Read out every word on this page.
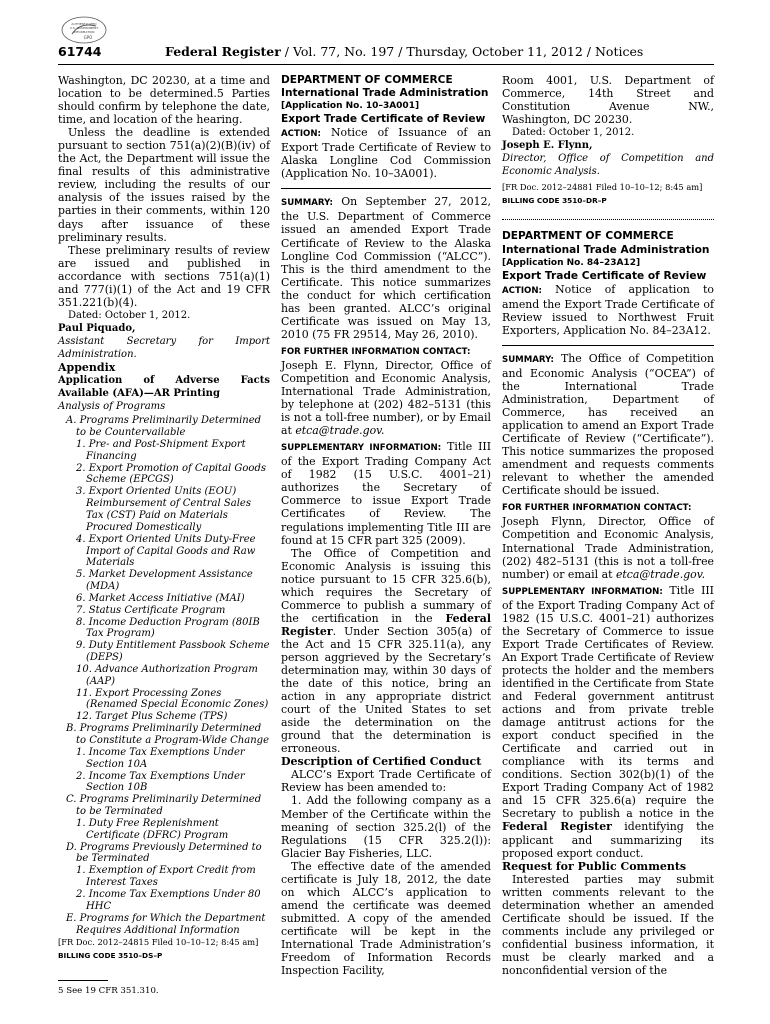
AUTHENTICATED
U.S. GOVERNMENT
INFORMATION
GPO
61744	Federal Register / Vol. 77, No. 197 / Thursday, October 11, 2012 / Notices

Washington, DC 20230, at a time and location to be determined.5 Parties should confirm by telephone the date, time, and location of the hearing.

Unless the deadline is extended pursuant to section 751(a)(2)(B)(iv) of the Act, the Department will issue the final results of this administrative review, including the results of our analysis of the issues raised by the parties in their comments, within 120 days after issuance of these preliminary results.

These preliminary results of review are issued and published in accordance with sections 751(a)(1) and 777(i)(1) of the Act and 19 CFR 351.221(b)(4).

Dated: October 1, 2012.

Paul Piquado,

Assistant Secretary for Import Administration.

Appendix

Application of Adverse Facts Available (AFA)—AR Printing

Analysis of Programs

A. Programs Preliminarily Determined to be Countervailable
1. Pre- and Post-Shipment Export Financing
2. Export Promotion of Capital Goods Scheme (EPCGS)
3. Export Oriented Units (EOU) Reimbursement of Central Sales Tax (CST) Paid on Materials Procured Domestically
4. Export Oriented Units Duty-Free Import of Capital Goods and Raw Materials
5. Market Development Assistance (MDA)
6. Market Access Initiative (MAI)
7. Status Certificate Program
8. Income Deduction Program (80IB Tax Program)
9. Duty Entitlement Passbook Scheme (DEPS)
10. Advance Authorization Program (AAP)
11. Export Processing Zones (Renamed Special Economic Zones)
12. Target Plus Scheme (TPS)
B. Programs Preliminarily Determined to Constitute a Program-Wide Change
1. Income Tax Exemptions Under Section 10A
2. Income Tax Exemptions Under Section 10B
C. Programs Preliminarily Determined to be Terminated
1. Duty Free Replenishment Certificate (DFRC) Program
D. Programs Previously Determined to be Terminated
1. Exemption of Export Credit from Interest Taxes
2. Income Tax Exemptions Under 80 HHC
E. Programs for Which the Department Requires Additional Information

[FR Doc. 2012–24815 Filed 10–10–12; 8:45 am]

BILLING CODE 3510–DS–P

5 See 19 CFR 351.310.

DEPARTMENT OF COMMERCE

International Trade Administration

[Application No. 10–3A001]

Export Trade Certificate of Review

ACTION: Notice of Issuance of an Export Trade Certificate of Review to Alaska Longline Cod Commission (Application No. 10–3A001).

SUMMARY: On September 27, 2012, the U.S. Department of Commerce issued an amended Export Trade Certificate of Review to the Alaska Longline Cod Commission (“ALCC”). This is the third amendment to the Certificate. This notice summarizes the conduct for which certification has been granted. ALCC’s original Certificate was issued on May 13, 2010 (75 FR 29514, May 26, 2010).

FOR FURTHER INFORMATION CONTACT:
Joseph E. Flynn, Director, Office of Competition and Economic Analysis, International Trade Administration, by telephone at (202) 482–5131 (this is not a toll-free number), or by Email at etca@trade.gov.

SUPPLEMENTARY INFORMATION: Title III of the Export Trading Company Act of 1982 (15 U.S.C. 4001–21) authorizes the Secretary of Commerce to issue Export Trade Certificates of Review. The regulations implementing Title III are found at 15 CFR part 325 (2009).

The Office of Competition and Economic Analysis is issuing this notice pursuant to 15 CFR 325.6(b), which requires the Secretary of Commerce to publish a summary of the certification in the Federal Register. Under Section 305(a) of the Act and 15 CFR 325.11(a), any person aggrieved by the Secretary’s determination may, within 30 days of the date of this notice, bring an action in any appropriate district court of the United States to set aside the determination on the ground that the determination is erroneous.

Description of Certified Conduct

ALCC’s Export Trade Certificate of Review has been amended to:

1. Add the following company as a Member of the Certificate within the meaning of section 325.2(l) of the Regulations (15 CFR 325.2(l)): Glacier Bay Fisheries, LLC.

The effective date of the amended certificate is July 18, 2012, the date on which ALCC’s application to amend the certificate was deemed submitted. A copy of the amended certificate will be kept in the International Trade Administration’s Freedom of Information Records Inspection Facility,

Room 4001, U.S. Department of Commerce, 14th Street and Constitution Avenue NW., Washington, DC 20230.

Dated: October 1, 2012.

Joseph E. Flynn,

Director, Office of Competition and Economic Analysis.

[FR Doc. 2012–24881 Filed 10–10–12; 8:45 am]

BILLING CODE 3510–DR–P

DEPARTMENT OF COMMERCE

International Trade Administration

[Application No. 84–23A12]

Export Trade Certificate of Review

ACTION: Notice of application to amend the Export Trade Certificate of Review issued to Northwest Fruit Exporters, Application No. 84–23A12.

SUMMARY: The Office of Competition and Economic Analysis (“OCEA”) of the International Trade Administration, Department of Commerce, has received an application to amend an Export Trade Certificate of Review (“Certificate”). This notice summarizes the proposed amendment and requests comments relevant to whether the amended Certificate should be issued.

FOR FURTHER INFORMATION CONTACT:
Joseph Flynn, Director, Office of Competition and Economic Analysis, International Trade Administration, (202) 482–5131 (this is not a toll-free number) or email at etca@trade.gov.

SUPPLEMENTARY INFORMATION: Title III of the Export Trading Company Act of 1982 (15 U.S.C. 4001–21) authorizes the Secretary of Commerce to issue Export Trade Certificates of Review. An Export Trade Certificate of Review protects the holder and the members identified in the Certificate from State and Federal government antitrust actions and from private treble damage antitrust actions for the export conduct specified in the Certificate and carried out in compliance with its terms and conditions. Section 302(b)(1) of the Export Trading Company Act of 1982 and 15 CFR 325.6(a) require the Secretary to publish a notice in the Federal Register identifying the applicant and summarizing its proposed export conduct.

Request for Public Comments

Interested parties may submit written comments relevant to the determination whether an amended Certificate should be issued. If the comments include any privileged or confidential business information, it must be clearly marked and a nonconfidential version of the
